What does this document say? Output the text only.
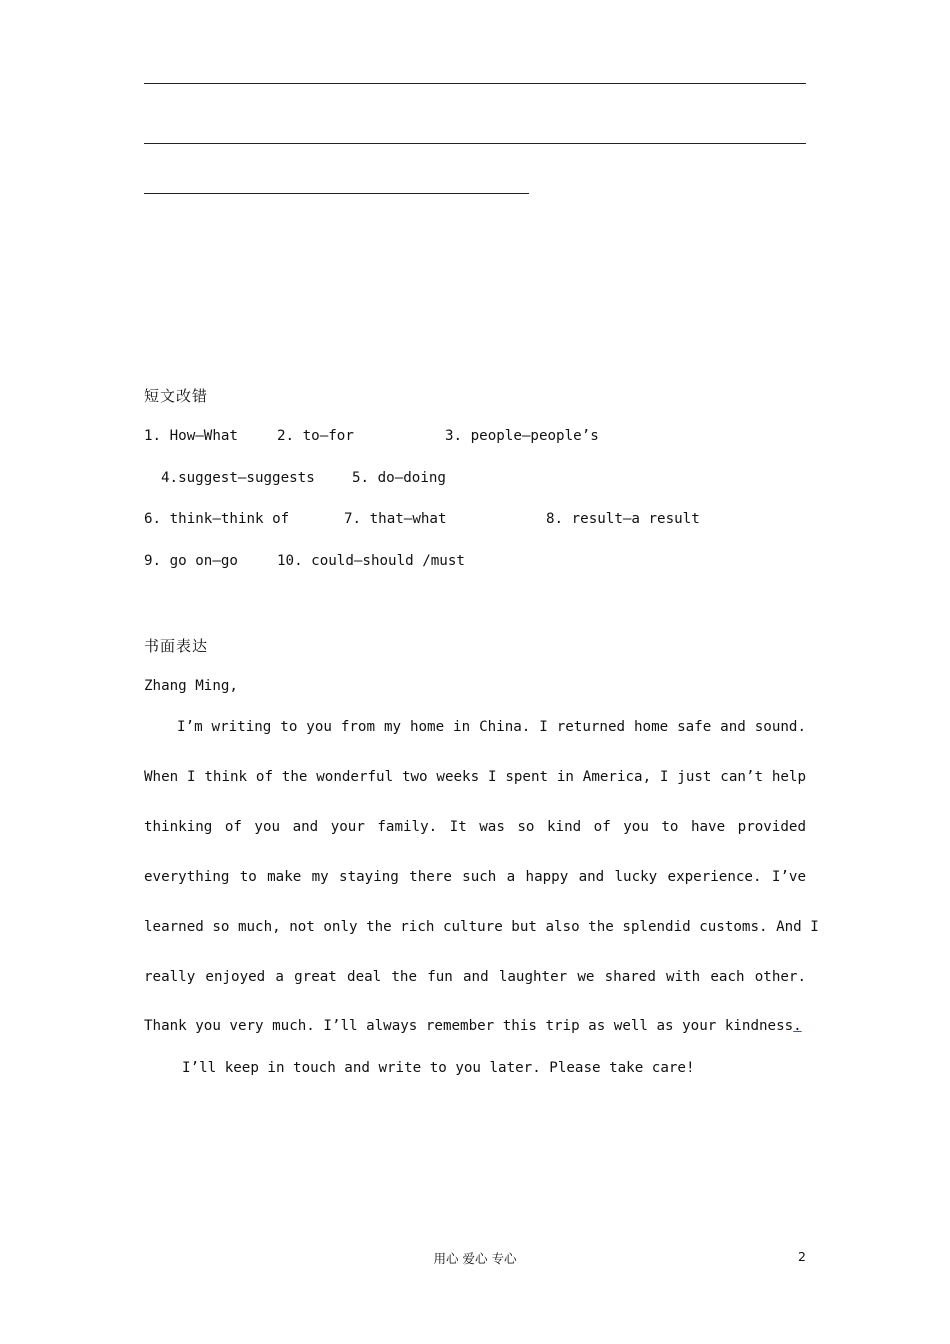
短文改错
1. How—What	2. to—for	3. people—people’s
4.suggest—suggests	5. do—doing
6. think—think of	7. that—what	8. result—a result
9. go on—go	10. could—should /must
书面表达
Zhang Ming,
I’m writing to you from my home in China. I returned home safe and sound.
When I think of the wonderful two weeks I spent in America, I just can’t help
thinking of you and your family. It was so kind of you to have provided
everything to make my staying there such a happy and lucky experience. I’ve
learned so much, not only the rich culture but also the splendid customs. And I
really enjoyed a great deal the fun and laughter we shared with each other.
Thank you very much. I’ll always remember this trip as well as your kindness.
I’ll keep in touch and write to you later. Please take care!
用心 爱心 专心	2
